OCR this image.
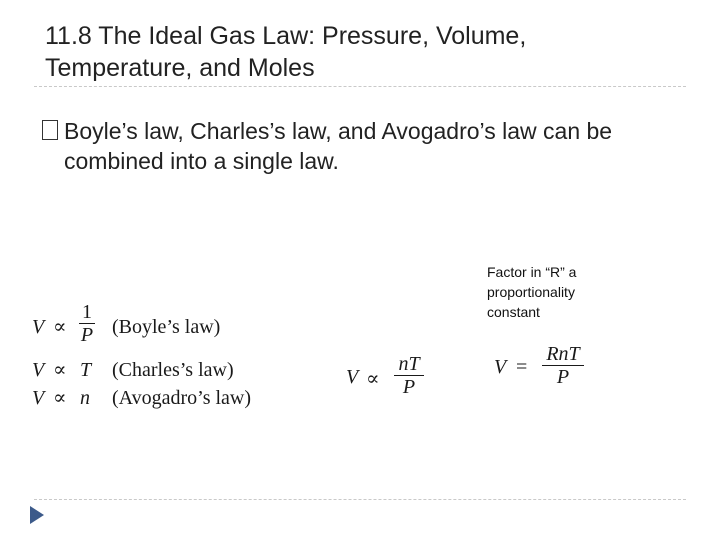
11.8 The Ideal Gas Law: Pressure, Volume,
Temperature, and Moles
Boyle’s law, Charles’s law, and Avogadro’s law can be
combined into a single law.
V ∝
1
P (Boyle’s law)
V ∝ T (Charles’s law)
V ∝ n (Avogadro’s law)
V ∝
nT
P
Factor in “R” a
proportionality
constant
V =
RnT
P
